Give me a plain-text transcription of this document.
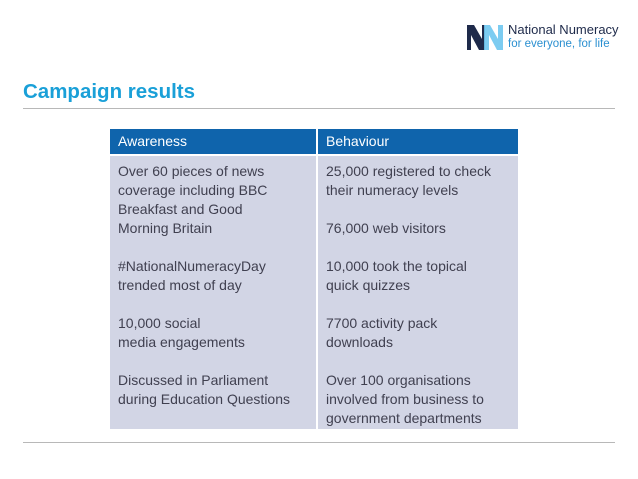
National Numeracy
for everyone, for life
Campaign results
Awareness	Behaviour
Over 60 pieces of news
coverage including BBC
Breakfast and Good
Morning Britain
#NationalNumeracyDay
trended most of day
10,000 social
media engagements
Discussed in Parliament
during Education Questions
25,000 registered to check
their numeracy levels
76,000 web visitors
10,000 took the topical
quick quizzes
7700 activity pack
downloads
Over 100 organisations
involved from business to
government departments
